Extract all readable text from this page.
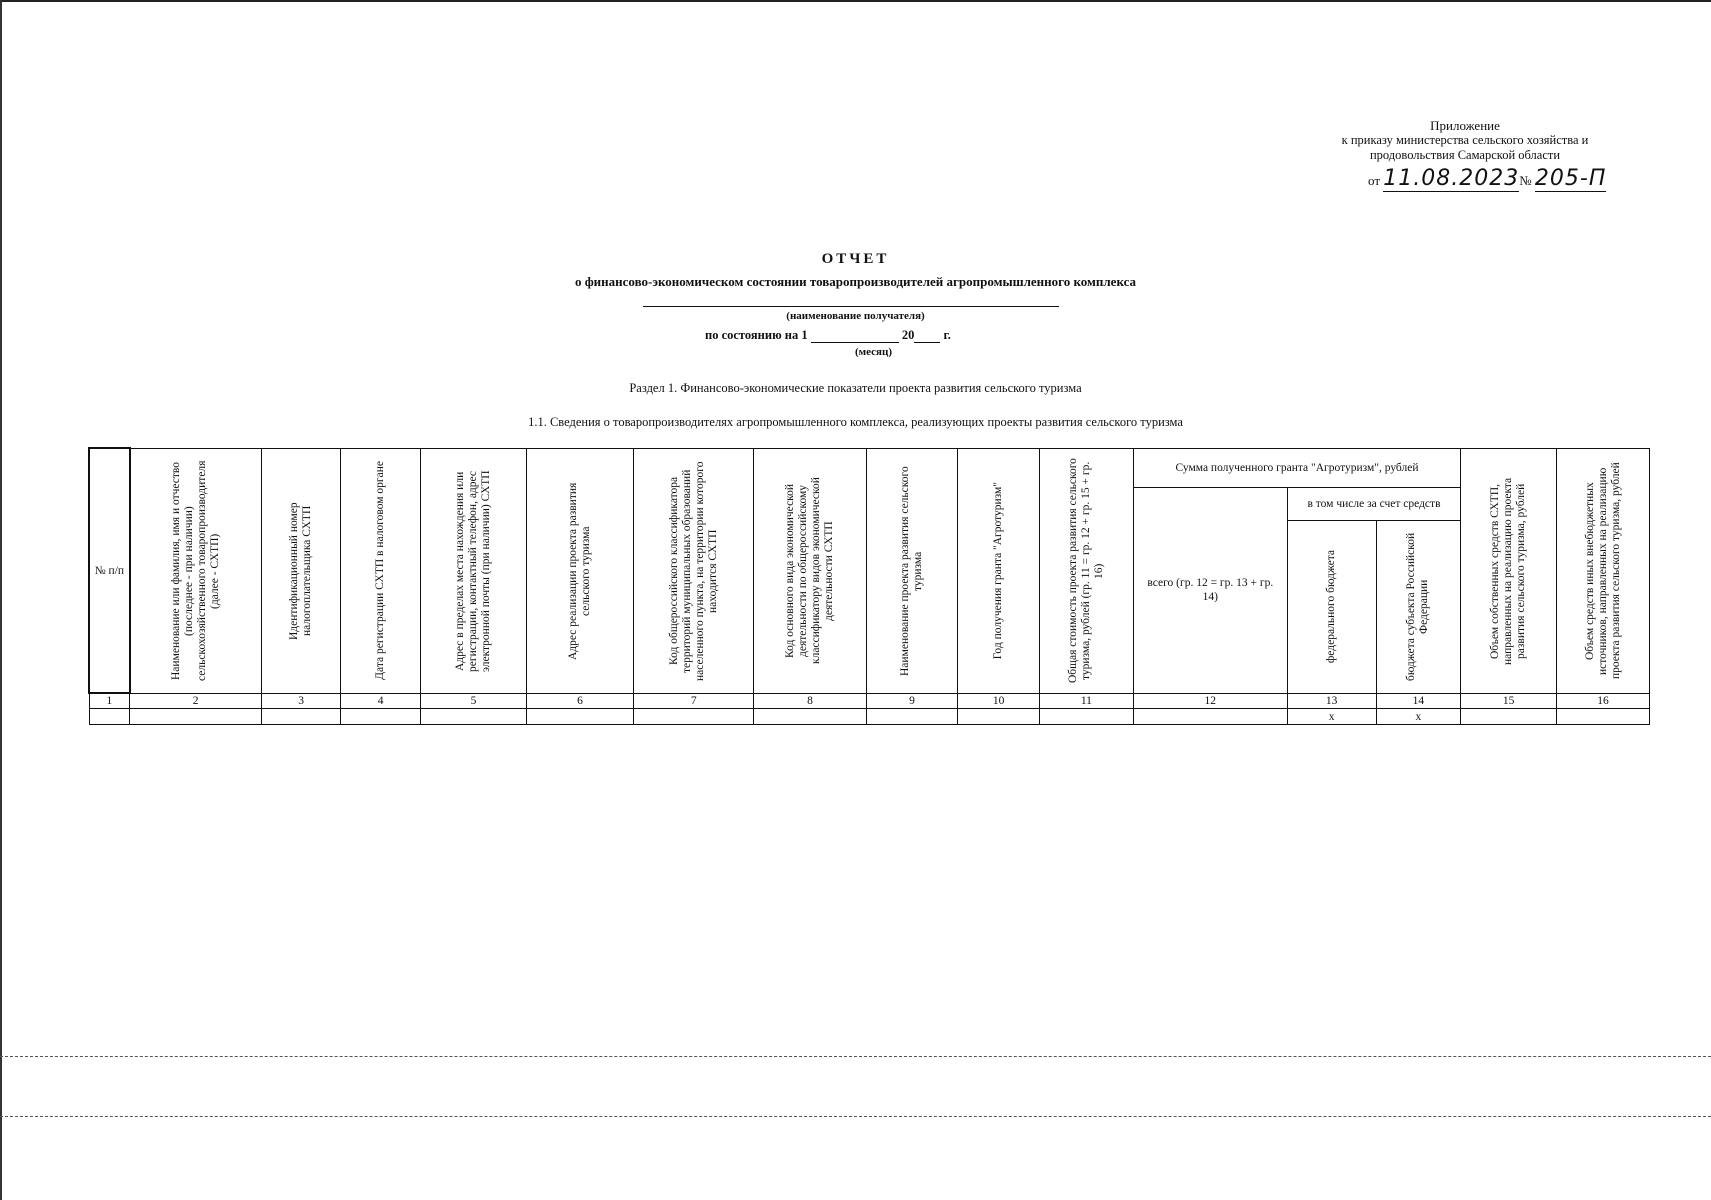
Приложение
к приказу министерства сельского хозяйства и
продовольствия Самарской области
от 11.08.2023№ 205-П
ОТЧЕТ
о финансово-экономическом состоянии товаропроизводителей агропромышленного комплекса
(наименование получателя)
по состоянию на 1	20 г.
(месяц)
Раздел 1. Финансово-экономические показатели проекта развития сельского туризма
1.1. Сведения о товаропроизводителях агропромышленного комплекса, реализующих проекты развития сельского туризма
№ п/п	Наименование или фамилия, имя и отчество (последнее - при наличии) сельскохозяйственного товаропроизводителя (далее - СХТП)	Идентификационный номер налогоплательщика СХТП	Дата регистрации СХТП в налоговом органе	Адрес в пределах места нахождения или регистрации, контактный телефон, адрес электронной почты (при наличии) СХТП	Адрес реализации проекта развития сельского туризма	Код общероссийского классификатора территорий муниципальных образований населенного пункта, на территории которого находится СХТП	Код основного вида экономической деятельности по общероссийскому классификатору видов экономической деятельности СХТП	Наименование проекта развития сельского туризма	Год получения гранта "Агротуризм"	Общая стоимость проекта развития сельского туризма, рублей (гр. 11 = гр. 12 + гр. 15 + гр. 16)	Сумма полученного гранта "Агротуризм", рублей			Объем собственных средств СХТП, направленных на реализацию проекта развития сельского туризма, рублей	Объем средств иных внебюджетных источников, направленных на реализацию проекта развития сельского туризма, рублей

											всего (гр. 12 = гр. 13 + гр. 14)	в том числе за счет средств			

												федерального бюджета	бюджета субъекта Российской Федерации		

1	2	3	4	5	6	7	8	9	10	11	12	13	14	15	16
												x	x		
